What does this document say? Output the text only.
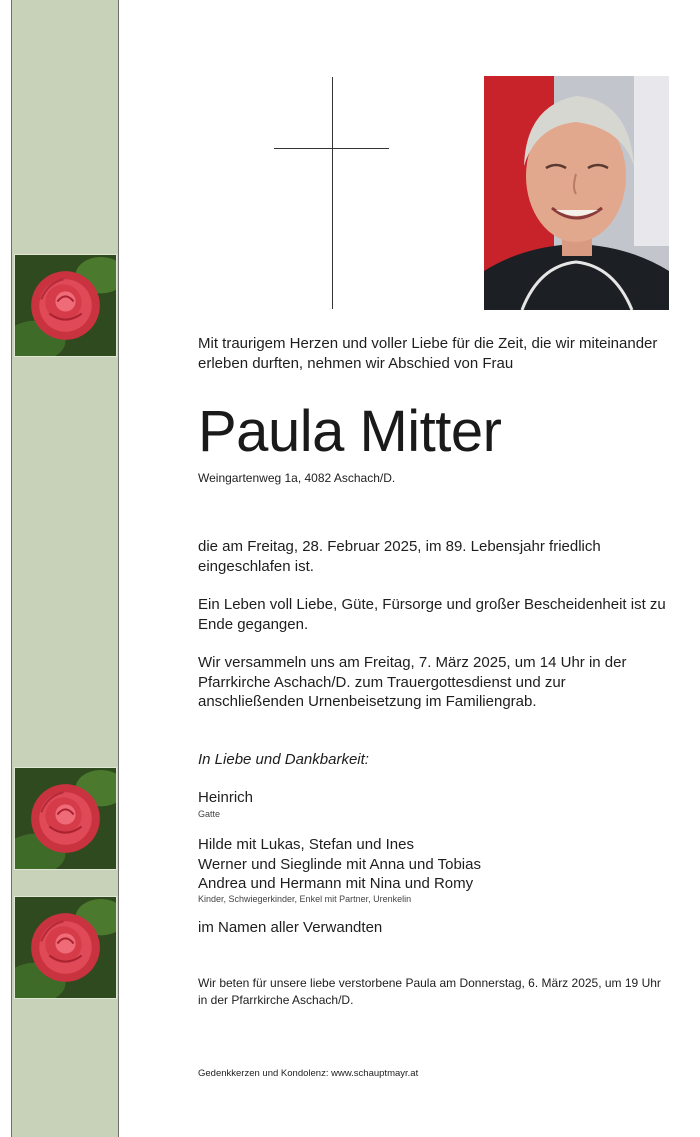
Mit traurigem Herzen und voller Liebe für die Zeit, die wir miteinander erleben durften, nehmen wir Abschied von Frau

Paula Mitter

Weingartenweg 1a, 4082 Aschach/D.

die am Freitag, 28. Februar 2025, im 89. Lebensjahr friedlich eingeschlafen ist.

Ein Leben voll Liebe, Güte, Fürsorge und großer Bescheidenheit ist zu Ende gegangen.

Wir versammeln uns am Freitag, 7. März 2025, um 14 Uhr in der Pfarrkirche Aschach/D. zum Trauergottesdienst und zur anschließenden Urnenbeisetzung im Familiengrab.

In Liebe und Dankbarkeit:

Heinrich

Gatte

Hilde mit Lukas, Stefan und Ines
Werner und Sieglinde mit Anna und Tobias
Andrea und Hermann mit Nina und Romy

Kinder, Schwiegerkinder, Enkel mit Partner, Urenkelin

im Namen aller Verwandten

Wir beten für unsere liebe verstorbene Paula am Donnerstag, 6. März 2025, um 19 Uhr in der Pfarrkirche Aschach/D.

Gedenkkerzen und Kondolenz: www.schauptmayr.at
